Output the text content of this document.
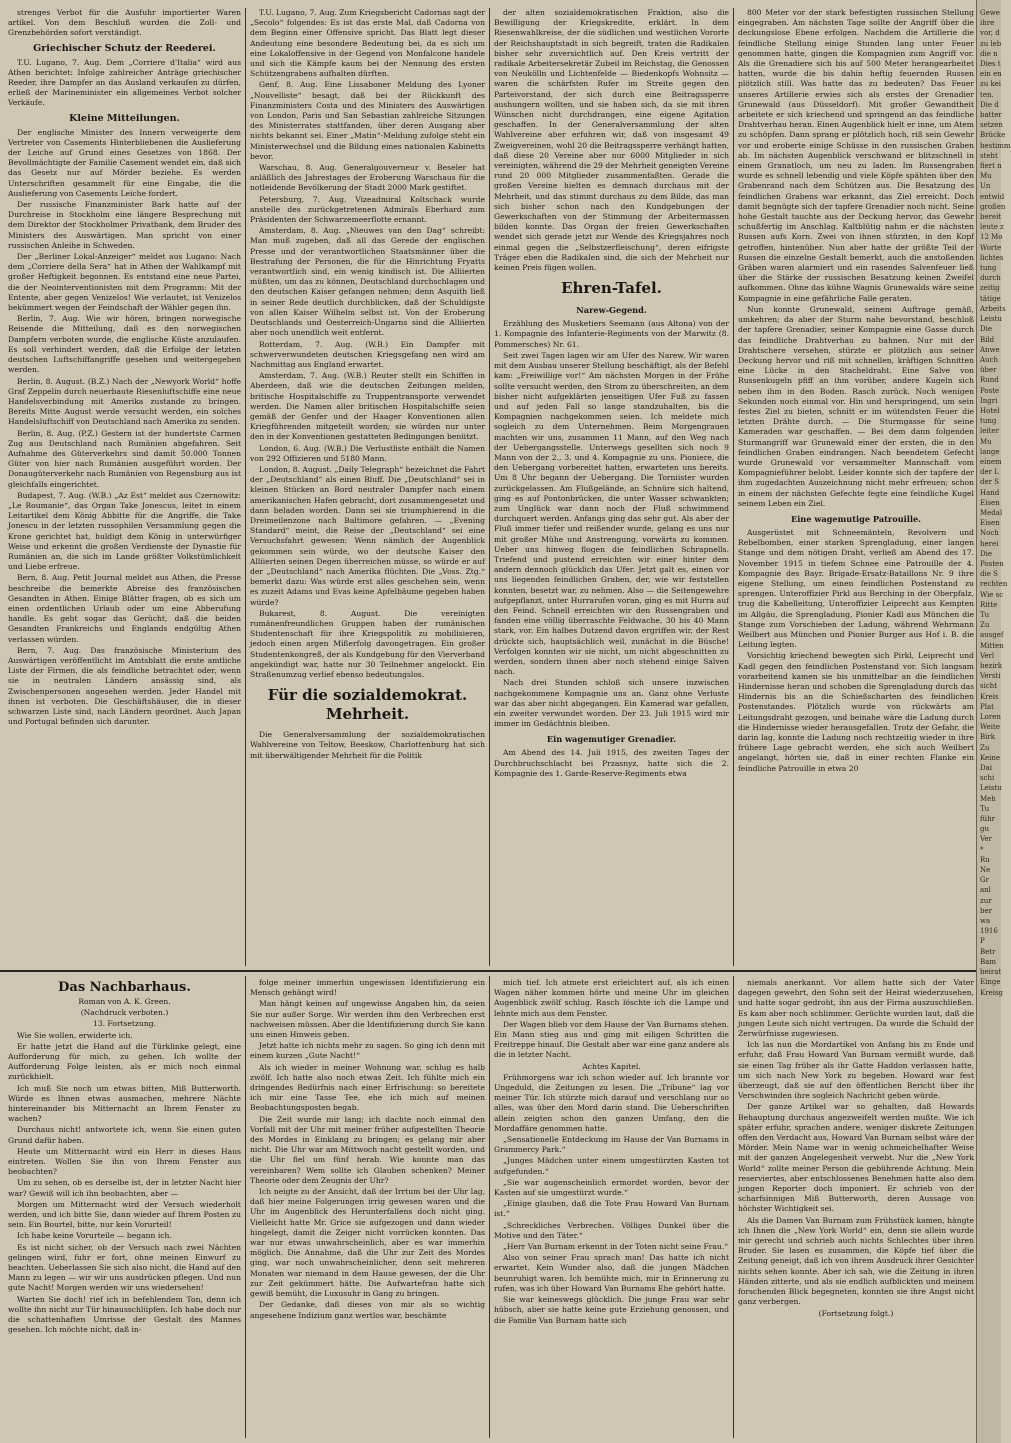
strenges Verbot für die Ausfuhr importierter Waren artikel. Von dem Beschluß wurden die Zoll- und Grenzbehörden sofort verständigt.

Griechischer Schutz der Reederei.

T.U. Lugano, 7. Aug. Dem „Corriere d'Italia“ wird aus Athen berichtet: Infolge zahlreicher Anträge griechischer Reeder, ihre Dampfer an das Ausland verkaufen zu dürfen, erließ der Marineminister ein allgemeines Verbot solcher Verkäufe.

Kleine Mitteilungen.

Der englische Minister des Innern verweigerte dem Vertreter von Casements Hinterbliebenen die Auslieferung der Leiche auf Grund eines Gesetzes von 1868. Der Bevollmächtigte der Familie Casement wendet ein, daß sich das Gesetz nur auf Mörder beziehe. Es werden Unterschriften gesammelt für eine Eingabe, die die Auslieferung von Casements Leiche fordert.

Der russische Finanzminister Bark hatte auf der Durchreise in Stockholm eine längere Besprechung mit dem Direktor der Stockholmer Privatbank, dem Bruder des Ministers des Auswärtigen. Man spricht von einer russischen Anleihe in Schweden.

Der „Berliner Lokal-Anzeiger“ meldet aus Lugano: Nach dem „Corriere della Sera“ hat in Athen der Wahlkampf mit großer Heftigkeit begonnen. Es entstand eine neue Partei, die der Neointerventionisten mit dem Programm: Mit der Entente, aber gegen Venizelos! Wie verlautet, ist Venizelos bekümmert wegen der Feindschaft der Wähler gegen ihn.

Berlin, 7. Aug. Wie wir hören, bringen norwegische Reisende die Mitteilung, daß es den norwegischen Dampfern verboten wurde, die englische Küste anzulaufen. Es soll verhindert werden, daß die Erfolge der letzten deutschen Luftschiffangriffe gesehen und weitergegeben werden.

Berlin, 8. August. (B.Z.) Nach der „Newyork World“ hoffe Graf Zeppelin durch neuerbaute Riesenluftschiffe eine neue Handelsverbindung mit Amerika zustande zu bringen. Bereits Mitte August werde versucht werden, ein solches Handelsluftschiff von Deutschland nach Amerika zu senden.

Berlin, 8. Aug. (P.Z.) Gestern ist der hundertste Carmen Zug aus Deutschland nach Rumänien abgefahren. Seit Aufnahme des Güterverkehrs sind damit 50.000 Tonnen Güter von hier nach Rumänien ausgeführt worden. Der Donaugüterverkehr nach Rumänien von Regensburg aus ist gleichfalls eingerichtet.

Budapest, 7. Aug. (W.B.) „Az Est“ meldet aus Czernowitz: „Le Roumanie“, das Organ Take Jonescus, leitet in einem Leitartikel dem König Abbitte für die Angriffe, die Take Jonescu in der letzten russophilen Versammlung gegen die Krone gerichtet hat, huldigt dem König in unterwürfiger Weise und erkennt die großen Verdienste der Dynastie für Rumänien an, die sich im Lande größter Volkstümlichkeit und Liebe erfreue.

Bern, 8. Aug. Petit Journal meldet aus Athen, die Presse beschreibe die bemerkte Abreise des französischen Gesandten in Athen. Einige Blätter fragen, ob es sich um einen ordentlichen Urlaub oder um eine Abberufung handle. Es geht sogar das Gerücht, daß die beiden Gesandten Frankreichs und Englands endgültig Athen verlassen würden.

Bern, 7. Aug. Das französische Ministerium des Auswärtigen veröffentlicht im Amtsblatt die erste amtliche Liste der Firmen, die als feindliche betrachtet oder, wenn sie in neutralen Ländern ansässig sind, als Zwischenpersonen angesehen werden. Jeder Handel mit ihnen ist verboten. Die Geschäftshäuser, die in dieser schwarzen Liste sind, nach Ländern geordnet. Auch Japan und Portugal befinden sich darunter.

T.U. Lugano, 7. Aug. Zum Kriegsbericht Cadornas sagt der „Secolo“ folgendes: Es ist das erste Mal, daß Cadorna von dem Beginn einer Offensive spricht. Das Blatt legt dieser Andeutung eine besondere Bedeutung bei, da es sich um eine Lokaloffensive in der Gegend von Monfalcone handele und sich die Kämpfe kaum bei der Nennung des ersten Schützengrabens aufhalten dürften.

Genf, 8. Aug. Eine Lissaboner Meldung des Lyoner „Nouvelliste“ besagt, daß bei der Rückkunft des Finanzministers Costa und des Ministers des Auswärtigen von London, Paris und San Sebastian zahlreiche Sitzungen des Ministerrates stattfanden, über deren Ausgang aber nichts bekannt sei. Einer „Matin“-Meldung zufolge steht ein Ministerwechsel und die Bildung eines nationalen Kabinetts bevor.

Warschau, 8. Aug. Generalgouverneur v. Beseler hat anläßlich des Jahrestages der Eroberung Warschaus für die notleidende Bevölkerung der Stadt 2000 Mark gestiftet.

Petersburg, 7. Aug. Vizeadmiral Koltschack wurde anstelle des zurückgetretenen Admirals Eberhard zum Präsidenten der Schwarzemeerflotte ernannt.

Amsterdam, 8. Aug. „Nieuwes van den Dag“ schreibt: Man muß zugeben, daß all das Gerede der englischen Presse und der verantwortlichen Staatsmänner über die Bestrafung der Personen, die für die Hinrichtung Fryatts verantwortlich sind, ein wenig kindisch ist. Die Alliierten müßten, um das zu können, Deutschland durchschlagen und den deutschen Kaiser gefangen nehmen; denn Asquith ließ in seiner Rede deutlich durchblicken, daß der Schuldigste von allen Kaiser Wilhelm selbst ist. Von der Eroberung Deutschlands und Oesterreich-Ungarns sind die Alliierten aber noch unendlich weit entfernt.

Rotterdam, 7. Aug. (W.B.) Ein Dampfer mit schwerverwundeten deutschen Kriegsgefang nen wird am Nachmittag aus England erwartet.

Amsterdam, 7. Aug. (W.B.) Reuter stellt ein Schiffen in Aberdeen, daß wie die deutschen Zeitungen melden, britische Hospitalschiffe zu Truppentransporte verwendet werden. Die Namen aller britischen Hospitalschiffe seien gemäß der Genfer und der Haager Konventionen allen Kriegführenden mitgeteilt worden; sie würden nur unter den in der Konventionen gestatteten Bedingungen benützt.

London, 6. Aug. (W.B.) Die Verlustliste enthält die Namen von 292 Offizieren und 5180 Mann.

London, 8. August. „Daily Telegraph“ bezeichnet die Fahrt der „Deutschland“ als einen Bluff. Die „Deutschland“ sei in kleinen Stücken an Bord neutraler Dampfer nach einem amerikanischen Hafen gebracht, dort zusammengesetzt und dann beladen worden. Dann sei sie triumphierend in die Dreimeilenzone nach Baltimore gefahren. — „Evening Standard“ meint, die Reise der „Deutschland“ sei eine Versuchsfahrt gewesen: Wenn nämlich der Augenblick gekommen sein würde, wo der deutsche Kaiser den Alliierten seinen Degen überreichen müsse, so würde er auf der „Deutschland“ nach Amerika flüchten. Die „Voss. Ztg.“ bemerkt dazu: Was würde erst alles geschehen sein, wenn es zuzeit Adams und Evas keine Apfelbäume gegeben haben würde?

Bukarest, 8. August. Die vereinigten rumänenfreundlichen Gruppen haben der rumänischen Studentenschaft für ihre Kriegspolitik zu mobilisieren, jedoch einen argen Mißerfolg davongetragen. Ein großer Studentenkongreß, der als Kundgebung für den Vierverband angekündigt war, hatte nur 30 Teilnehmer angelockt. Ein Straßenumzug verlief ebenso bedeutungslos.

Für die sozialdemokrat. Mehrheit.

Die Generalversammlung der sozialdemokratischen Wahlvereine von Teltow, Beeskow, Charlottenburg hat sich mit überwältigender Mehrheit für die Politik

der alten sozialdemokratischen Fraktion, also die Bewilligung der Kriegskredite, erklärt. In dem Riesenwahlkreise, der die südlichen und westlichen Vororte der Reichshauptstadt in sich begreift, traten die Radikalen bisher sehr zuversichtlich auf. Den Kreis vertritt der radikale Arbeitersekretär Zubeil im Reichstag, die Genossen von Neukölln und Lichtenfelde — Biedenkopfs Wohnsitz — waren die schärfsten Rufer im Streite gegen den Parteivorstand, der sich durch eine Beitragssperre aushungern wollten, und sie haben sich, da sie mit ihren Wünschen nicht durchdrangen, eine eigene Agitation geschaffen. In der Generalversammlung der alten Wahlvereine aber erfuhren wir, daß von insgesamt 49 Zweigvereinen, wohl 20 die Beitragssperre verhängt hatten, daß diese 20 Vereine aber nur 6000 Mitglieder in sich vereinigten, während die 29 der Mehrheit geneigten Vereine rund 20 000 Mitglieder zusammenfaßten. Gerade die großen Vereine hielten es demnach durchaus mit der Mehrheit, und das stimmt durchaus zu dem Bilde, das man sich bisher schon nach den Kundgebungen der Gewerkschaften von der Stimmung der Arbeitermassen bilden konnte. Das Organ der freien Gewerkschaften wendet sich gerade jetzt zur Wende des Kriegsjahres noch einmal gegen die „Selbstzerfleischung“, deren eifrigste Träger eben die Radikalen sind, die sich der Mehrheit nur keinen Preis fügen wollen.

Ehren-Tafel.
Narew-Gegend.

Erzählung des Musketiers Seemann (aus Altona) von der 1. Kompagnie des Infanterie-Regiments von der Marwitz (8. Pommersches) Nr. 61.

Seit zwei Tagen lagen wir am Ufer des Narew. Wir waren mit dem Ausbau unserer Stellung beschäftigt, als der Befehl kam: „Freiwillige vor!“ Am nächsten Morgen in der Frühe sollte versucht werden, den Strom zu überschreiten, an dem bisher nicht aufgeklärten jenseitigen Ufer Fuß zu fassen und auf jeden Fall so lange standzuhalten, bis die Kompagnien nachgekommen seien. Ich meldete mich sogleich zu dem Unternehmen. Beim Morgengrauen machten wir uns, zusammen 11 Mann, auf den Weg nach der Uebergangsstelle. Unterwegs gesellten sich noch 9 Mann von der 2., 3. und 4. Kompagnie zu uns. Pioniere, die den Uebergang vorbereitet hatten, erwarteten uns bereits. Um 8 Uhr begann der Uebergang. Die Torniister wurden zurückgelassen. Am Flußgelände, an Schnüre sich haltend, ging es auf Pontonbrücken, die unter Wasser schwankten; zum Unglück war dann noch der Fluß schwimmend durchquert werden. Anfangs ging das sehr gut. Als aber der Fluß immer tiefer und reißender wurde, gelang es uns nur mit großer Mühe und Anstrengung, vorwärts zu kommen. Ueber uns hinweg flogen die feindlichen Schrapnells. Triefend und pustend erreichten wir einer hinter dem andern dennoch glücklich das Ufer. Jetzt galt es, einen vor uns liegenden feindlichen Graben, der, wie wir feststellen konnten, besetzt war, zu nehmen. Also — die Seitengewehre aufgepflanzt, unter Hurrarufen voran, ging es mit Hurra auf den Feind. Schnell erreichten wir den Russengraben und fanden eine völlig überraschte Feldwache, 30 bis 40 Mann stark, vor. Ein halbes Dutzend davon ergriffen wir, der Rest drückte sich, hauptsächlich weil, zunächst in die Büsche! Verfolgen konnten wir sie nicht, um nicht abgeschnitten zu werden, sondern ihnen aber noch stehend einige Salven nach.

Nach drei Stunden schloß sich unsere inzwischen nachgekommene Kompagnie uns an. Ganz ohne Verluste war das aber nicht abgegangen. Ein Kamerad war gefallen, ein zweiter verwundet worden. Der 23. Juli 1915 wird mir immer im Gedächtnis bleiben.

Ein wagemutiger Grenadier.

Am Abend des 14. Juli 1915, des zweiten Tages der Durchbruchschlacht bei Przasnyz, hatte sich die 2. Kompagnie des 1. Garde-Reserve-Regiments etwa

800 Meter vor der stark befestigten russischen Stellung eingegraben. Am nächsten Tage sollte der Angriff über die deckungslose Ebene erfolgen. Nachdem die Artillerie die feindliche Stellung einige Stunden lang unter Feuer genommen hatte, gingen die Kompagnien zum Angriff vor. Als die Grenadiere sich bis auf 500 Meter herangearbeitet hatten, wurde die bis dahin heftig feuernden Russen plötzlich still. Was hatte das zu bedeuten? Das Feuer unseres Artillerie erwies sich als erstes der Grenadier Grunewald (aus Düsseldorf). Mit großer Gewandtheit arbeitete er sich kriechend und springend an das feindliche Drahtverhau heran. Einen Augenblick hielt er inne, um Atem zu schöpfen. Dann sprang er plötzlich hoch, riß sein Gewehr vor und eroberte einige Schüsse in den russischen Graben ab. Im nächsten Augenblick verschwand er blitzschnell in einem Granatloch, um neu zu laden. Im Russengraben wurde es schnell lebendig und viele Köpfe spähten über den Grabenrand nach dem Schützen aus. Die Besatzung des feindlichen Grabens war erkannt, das Ziel erreicht. Doch damit begnügte sich der tapfere Grenadier noch nicht. Seine hohe Gestalt tauchte aus der Deckung hervor, das Gewehr schußfertig im Anschlag. Kaltblütig nahm er die nächsten Russen aufs Korn. Zwei von ihnen stürzten, in den Kopf getroffen, hintenüber. Nun aber hatte der größte Teil der Russen die einzelne Gestalt bemerkt, auch die anstoßenden Gräben waren alarmiert und ein rasendes Salvenfeuer ließ über die Stärke der russischen Besatzung keinen Zweifel aufkommen. Ohne das kühne Wagnis Grunewalds wäre seine Kompagnie in eine gefährliche Falle geraten.

Nun konnte Grunewald, seinem Auftrage gemäß, umkehren; da aber der Sturm nahe bevorstand, beschloß der tapfere Grenadier, seiner Kompagnie eine Gasse durch das feindliche Drahtverhau zu bahnen. Nur mit der Drahtschere versehen, stürzte er plötzlich aus seiner Deckung hervor und riß mit schnellen, kräftigen Schnitten eine Lücke in den Stacheldraht. Eine Salve von Russenkugeln pfiff an ihm vorüber, andere Kugeln sich neben ihm in den Boden. Rasch zurück. Noch wenigen Sekunden noch einmal vor. Hin und herspringend, um sein festes Ziel zu bieten, schnitt er im wütendsten Feuer die letzten Drähte durch. — Die Sturmgasse für seine Kameraden war geschaffen. — Bei dem dann folgenden Sturmangriff war Grunewald einer der ersten, die in den feindlichen Graben eindrangen. Nach beendetem Gefecht wurde Grunewald vor versammelter Mannschaft vom Kompagnieführer belobt. Leider konnte sich der tapfere der ihm zugedachten Auszeichnung nicht mehr erfreuen; schon in einem der nächsten Gefechte fegte eine feindliche Kugel seinem Leben ein Ziel.

Eine wagemutige Patrouille.

Ausgerüstet mit Schneemänteln, Revolvern und Rebelbomben, einer starken Sprengladung, einer langen Stange und dem nötigen Draht, verließ am Abend des 17. November 1915 in tiefem Schnee eine Patrouille der 4. Kompagnie des Bayr. Brigade-Ersatz-Bataillons Nr. 9 ihre eigene Stellung, um einen feindlichen Postenstand zu sprengen. Unteroffizier Pirkl aus Berching in der Oberpfalz, trug die Kabelleitung, Unteroffizier Leiprecht aus Kempten im Allgäu, die Sprengladung, Pionier Kadl aus München die Stange zum Vorschieben der Ladung, während Wehrmann Weilbert aus München und Pionier Burger aus Hof i. B. die Leitung legten.

Vorsichtig kriechend bewegten sich Pirkl, Leiprecht und Kadl gegen den feindlichen Postenstand vor. Sich langsam vorarbeitend kamen sie bis unmittelbar an die feindlichen Hindernisse heran und schoben die Sprengladung durch das Hindernis bis an die Schießscharten des feindlichen Postenstandes. Plötzlich wurde von rückwärts am Leitungsdraht gezogen, und beinahe wäre die Ladung durch die Hindernisse wieder herausgefallen. Trotz der Gefahr, die darin lag, konnte die Ladung noch rechtzeitig wieder in ihre frühere Lage gebracht werden, ehe sich auch Weilbert angelangt, hörten sie, daß in einer rechten Flanke ein feindliche Patrouille in etwa 20

Das Nachbarhaus.
Roman von A. K. Green.
(Nachdruck verboten.)
13. Fortsetzung.

Wie Sie wollen, erwiderte ich.

Er hatte jetzt die Hand auf die Türklinke gelegt, eine Aufforderung für mich, zu gehen. Ich wollte der Aufforderung Folge leisten, als er mich noch einmal zurückhielt.

Ich muß Sie noch um etwas bitten, Miß Butterworth. Würde es Ihnen etwas ausmachen, mehrere Nächte hintereinander bis Mitternacht an Ihrem Fenster zu wachen?

Durchaus nicht! antwortete ich, wenn Sie einen guten Grund dafür haben.

Heute um Mitternacht wird ein Herr in dieses Haus eintreten. Wollen Sie ihn von Ihrem Fenster aus beobachten?

Um zu sehen, ob es derselbe ist, der in letzter Nacht hier war? Gewiß will ich ihn beobachten, aber —

Morgen um Mitternacht wird der Versuch wiederholt werden, und ich bitte Sie, dann wieder auf Ihrem Posten zu sein. Ein Bourtel, bitte, nur kein Vorurteil!

Ich habe keine Vorurteile — begann ich.

Es ist nicht sicher, ob der Versuch nach zwei Nächten gelingen wird, fuhr er fort, ohne meinen Einwurf zu beachten. Ueberlassen Sie sich also nicht, die Hand auf den Mann zu legen — wir wir uns ausdrücken pflegen. Und nun gute Nacht! Morgen werden wir uns wiedersehen!

Warten Sie doch! rief ich in befehlendem Ton, denn ich wollte ihn nicht zur Tür hinausschlüpfen. Ich habe doch nur die schattenhaften Umrisse der Gestalt des Mannes gesehen. Ich möchte nicht, daß in-

folge meiner immerhin ungewissen Identifizierung ein Mensch gehängt wird!

Man hängt keinen auf ungewisse Angaben hin, da seien Sie nur außer Sorge. Wir werden ihm den Verbrechen erst nachweisen müssen. Aber die Identifizierung durch Sie kann uns einen Hinweis geben.

Jetzt hatte ich nichts mehr zu sagen. So ging ich denn mit einem kurzen „Gute Nacht!“

Als ich wieder in meiner Wohnung war, schlug es halb zwölf. Ich hatte also noch etwas Zeit. Ich fühlte mich ein dringendes Bedürfnis nach einer Erfrischung: so bereitete ich mir eine Tasse Tee, ehe ich mich auf meinen Beobachtungsposten begab.

Die Zeit wurde mir lang; ich dachte noch einmal den Vorfall mit der Uhr mit meiner früher aufgestellten Theorie des Mordes in Einklang zu bringen; es gelang mir aber nicht. Die Uhr war am Mittwoch nacht gestellt worden, und die Uhr fiel um fünf herab. Wie konnte man das vereinbaren? Wem sollte ich Glauben schenken? Meiner Theorie oder dem Zeugnis der Uhr?

Ich neigte zu der Ansicht, daß der Irrtum bei der Uhr lag, daß hier meine Folgerungen irrig gewesen waren und die Uhr im Augenblick des Herunterfallens doch nicht ging. Vielleicht hatte Mr. Grice sie aufgezogen und dann wieder hingelegt, damit die Zeiger nicht vorrücken konnten. Das war nur etwas unwahrscheinlich, aber es war immerhin möglich. Die Annahme, daß die Uhr zur Zeit des Mordes ging, war noch unwahrscheinlicher, denn seit mehreren Monaten war niemand in dem Hause gewesen, der die Uhr zur Zeit gekümmert hätte. Die Aufwartefrau hatte sich gewiß bemüht, die Luxusuhr in Gang zu bringen.

Der Gedanke, daß dieses von mir als so wichtig angesehene Indizium ganz wertlos war, beschämte

mich tief. Ich atmete erst erleichtert auf, als ich einen Wagen näher kommen hörte und meine Uhr im gleichen Augenblick zwölf schlug. Rasch löschte ich die Lampe und lehnte mich aus dem Fenster.

Der Wagen blieb vor dem Hause der Van Burnams stehen. Ein Mann stieg aus und ging mit eiligen Schritten die Freitreppe hinauf. Die Gestalt aber war eine ganz andere als die in letzter Nacht.

Achtes Kapitel.

Frühmorgens war ich schon wieder auf. Ich brannte vor Ungeduld, die Zeitungen zu lesen. Die „Tribune“ lag vor meiner Tür. Ich stürzte mich darauf und verschlang nur so alles, was über den Mord darin stand. Die Ueberschriften allein zeigten schon den ganzen Umfang, den die Mordaffäre genommen hatte.

„Sensationelle Entdeckung im Hause der Van Burnams in Grammercy Park.“

„Junges Mädchen unter einem umgestürzten Kasten tot aufgefunden.“

„Sie war augenscheinlich ermordet worden, bevor der Kasten auf sie umgestürzt wurde.“

„Einige glauben, daß die Tote Frau Howard Van Burnam ist.“

„Schreckliches Verbrechen. Völliges Dunkel über die Motive und den Täter.“

„Herr Van Burnam erkennt in der Toten nicht seine Frau.“

Also von seiner Frau sprach man! Das hatte ich nicht erwartet. Kein Wunder also, daß die jungen Mädchen beunruhigt waren. Ich bemühte mich, mir in Erinnerung zu rufen, was ich über Howard Van Burnams Ehe gehört hatte.

Sie war keineswegs glücklich. Die junge Frau war sehr hübsch, aber sie hatte keine gute Erziehung genossen, und die Familie Van Burnam hatte sich

niemals anerkannt. Vor allem hatte sich der Vater dagegen gewehrt, den Sohn seit der Heirat wiederzusehen, und hatte sogar gedroht, ihn aus der Firma auszuschließen. Es kam aber noch schlimmer. Gerüchte wurden laut, daß die jungen Leute sich nicht vertrugen. Da wurde die Schuld der Zerwürfnisse zugewiesen.

Ich las nun die Mordartikel von Anfang bis zu Ende und erfuhr, daß Frau Howard Van Burnam vermißt wurde, daß sie einen Tag früher als ihr Gatte Haddon verlassen hatte, um sich nach New York zu begeben. Howard war fest überzeugt, daß sie auf den öffentlichen Bericht über ihr Verschwinden ihre sogleich Nachricht geben würde.

Der ganze Artikel war so gehalten, daß Howards Behauptung durchaus angezweifelt werden mußte. Wie ich später erfuhr, sprachen andere, weniger diskrete Zeitungen offen den Verdacht aus, Howard Van Burnam selbst wäre der Mörder. Mein Name war in wenig schmeichelhafter Weise mit der ganzen Angelegenheit verwebt. Nur die „New York World“ zollte meiner Person die gebührende Achtung. Mein reserviertes, aber entschlossenes Benehmen hatte also dem jungen Reporter doch imponiert. Er schrieb von der scharfsinnigen Miß Butterworth, deren Aussage von höchster Wichtigkeit sei.

Als die Damen Van Burnam zum Frühstück kamen, hängte ich Ihnen die „New York World“ ein, denn sie allein wurde mir gerecht und schrieb auch nichts Schlechtes über ihren Bruder. Sie lasen es zusammen, die Köpfe tief über die Zeitung geneigt, daß ich von ihrem Ausdruck ihrer Gesichter nichts sehen konnte. Aber ich sah, wie die Zeitung in ihren Händen zitterte, und als sie endlich aufblickten und meinem forschenden Blick begegneten, konnten sie ihre Angst nicht ganz verbergen.

(Fortsetzung folgt.)

Gewe
ihre
vor, d
zu leb
die n
Dies t
ein en
zu kei
ten.
Die d
batter
setzen
Brücke
bestimm
steht
fiert n
Mu
Un
entwid
großen
bereit
leute z
12 Mo
Worte
lichtes
tung
durch
zeitig
tätige
Arbeits
Leistu
Die
Bild
Anwe
Auch
über
Rund
Poste
Ingri
Hotel
tung
leiter
Mu
lange
einem
der L
der S
Hand
Eisen
Medal
Eisen
Noch
herei
Die
Posten
die S
rechten
Wie sc
Ritte
Tu
Zu
ausgef
Mitten
Verl
bezirk
Versti
sicht
Kreis
Plat
Loren
Weite
Birk
Zu
Keine
Dai
schi
Leistu
Meh
Tu
führ
gu
Ver
*
Ru
Ne
Gr
anl
zur
ber
wa
1916
P
Betr
Bam
beirat
Einge
Kreisg
